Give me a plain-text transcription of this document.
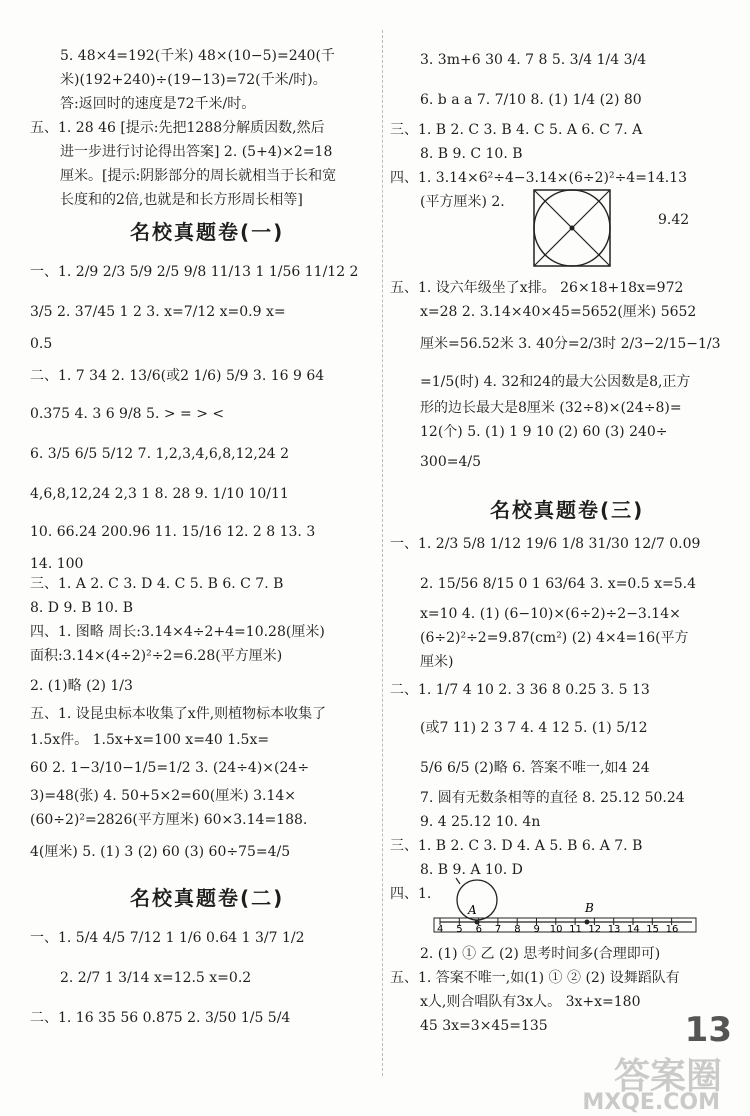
5. 48×4=192(千米) 48×(10−5)=240(千
米)(192+240)÷(19−13)=72(千米/时)。
答:返回时的速度是72千米/时。
五、1. 28 46 [提示:先把1288分解质因数,然后
进一步进行讨论得出答案] 2. (5+4)×2=18
厘米。[提示:阴影部分的周长就相当于长和宽
长度和的2倍,也就是和长方形周长相等]
名校真题卷(一)
一、1. 2/9 2/3 5/9 2/5 9/8 11/13 1 1/56 11/12 2
3/5 2. 37/45 1 2 3. x=7/12 x=0.9 x=
0.5
二、1. 7 34 2. 13/6(或2 1/6) 5/9 3. 16 9 64
0.375 4. 3 6 9/8 5. > = > <
6. 3/5 6/5 5/12 7. 1,2,3,4,6,8,12,24 2
4,6,8,12,24 2,3 1 8. 28 9. 1/10 10/11
10. 66.24 200.96 11. 15/16 12. 2 8 13. 3
14. 100
三、1. A 2. C 3. D 4. C 5. B 6. C 7. B
8. D 9. B 10. B
四、1. 图略 周长:3.14×4÷2+4=10.28(厘米)
面积:3.14×(4÷2)²÷2=6.28(平方厘米)
2. (1)略 (2) 1/3
五、1. 设昆虫标本收集了x件,则植物标本收集了
1.5x件。 1.5x+x=100 x=40 1.5x=
60 2. 1−3/10−1/5=1/2 3. (24÷4)×(24÷
3)=48(张) 4. 50+5×2=60(厘米) 3.14×
(60÷2)²=2826(平方厘米) 60×3.14=188.
4(厘米) 5. (1) 3 (2) 60 (3) 60÷75=4/5
名校真题卷(二)
一、1. 5/4 4/5 7/12 1 1/6 0.64 1 3/7 1/2
2. 2/7 1 3/14 x=12.5 x=0.2
二、1. 16 35 56 0.875 2. 3/50 1/5 5/4
3. 3m+6 30 4. 7 8 5. 3/4 1/4 3/4
6. b a a 7. 7/10 8. (1) 1/4 (2) 80
三、1. B 2. C 3. B 4. C 5. A 6. C 7. A
8. B 9. C 10. B
四、1. 3.14×6²÷4−3.14×(6÷2)²÷4=14.13
(平方厘米) 2.
9.42
五、1. 设六年级坐了x排。 26×18+18x=972
x=28 2. 3.14×40×45=5652(厘米) 5652
厘米=56.52米 3. 40分=2/3时 2/3−2/15−1/3
=1/5(时) 4. 32和24的最大公因数是8,正方
形的边长最大是8厘米 (32÷8)×(24÷8)=
12(个) 5. (1) 1 9 10 (2) 60 (3) 240÷
300=4/5
名校真题卷(三)
一、1. 2/3 5/8 1/12 19/6 1/8 31/30 12/7 0.09
2. 15/56 8/15 0 1 63/64 3. x=0.5 x=5.4
x=10 4. (1) (6−10)×(6÷2)÷2−3.14×
(6÷2)²÷2=9.87(cm²) (2) 4×4=16(平方
厘米)
二、1. 1/7 4 10 2. 3 36 8 0.25 3. 5 13
(或7 11) 2 3 7 4. 4 12 5. (1) 5/12
5/6 6/5 (2)略 6. 答案不唯一,如4 24
7. 圆有无数条相等的直径 8. 25.12 50.24
9. 4 25.12 10. 4n
三、1. B 2. C 3. D 4. A 5. B 6. A 7. B
8. B 9. A 10. D
四、1.
A	B
4 5 6 7 8 9 10 11 12 13 14 15 16
2. (1) ① 乙 (2) 思考时间多(合理即可)
五、1. 答案不唯一,如(1) ① ② (2) 设舞蹈队有
x人,则合唱队有3x人。 3x+x=180
45 3x=3×45=135	13
答案圈
MXQE.COM
